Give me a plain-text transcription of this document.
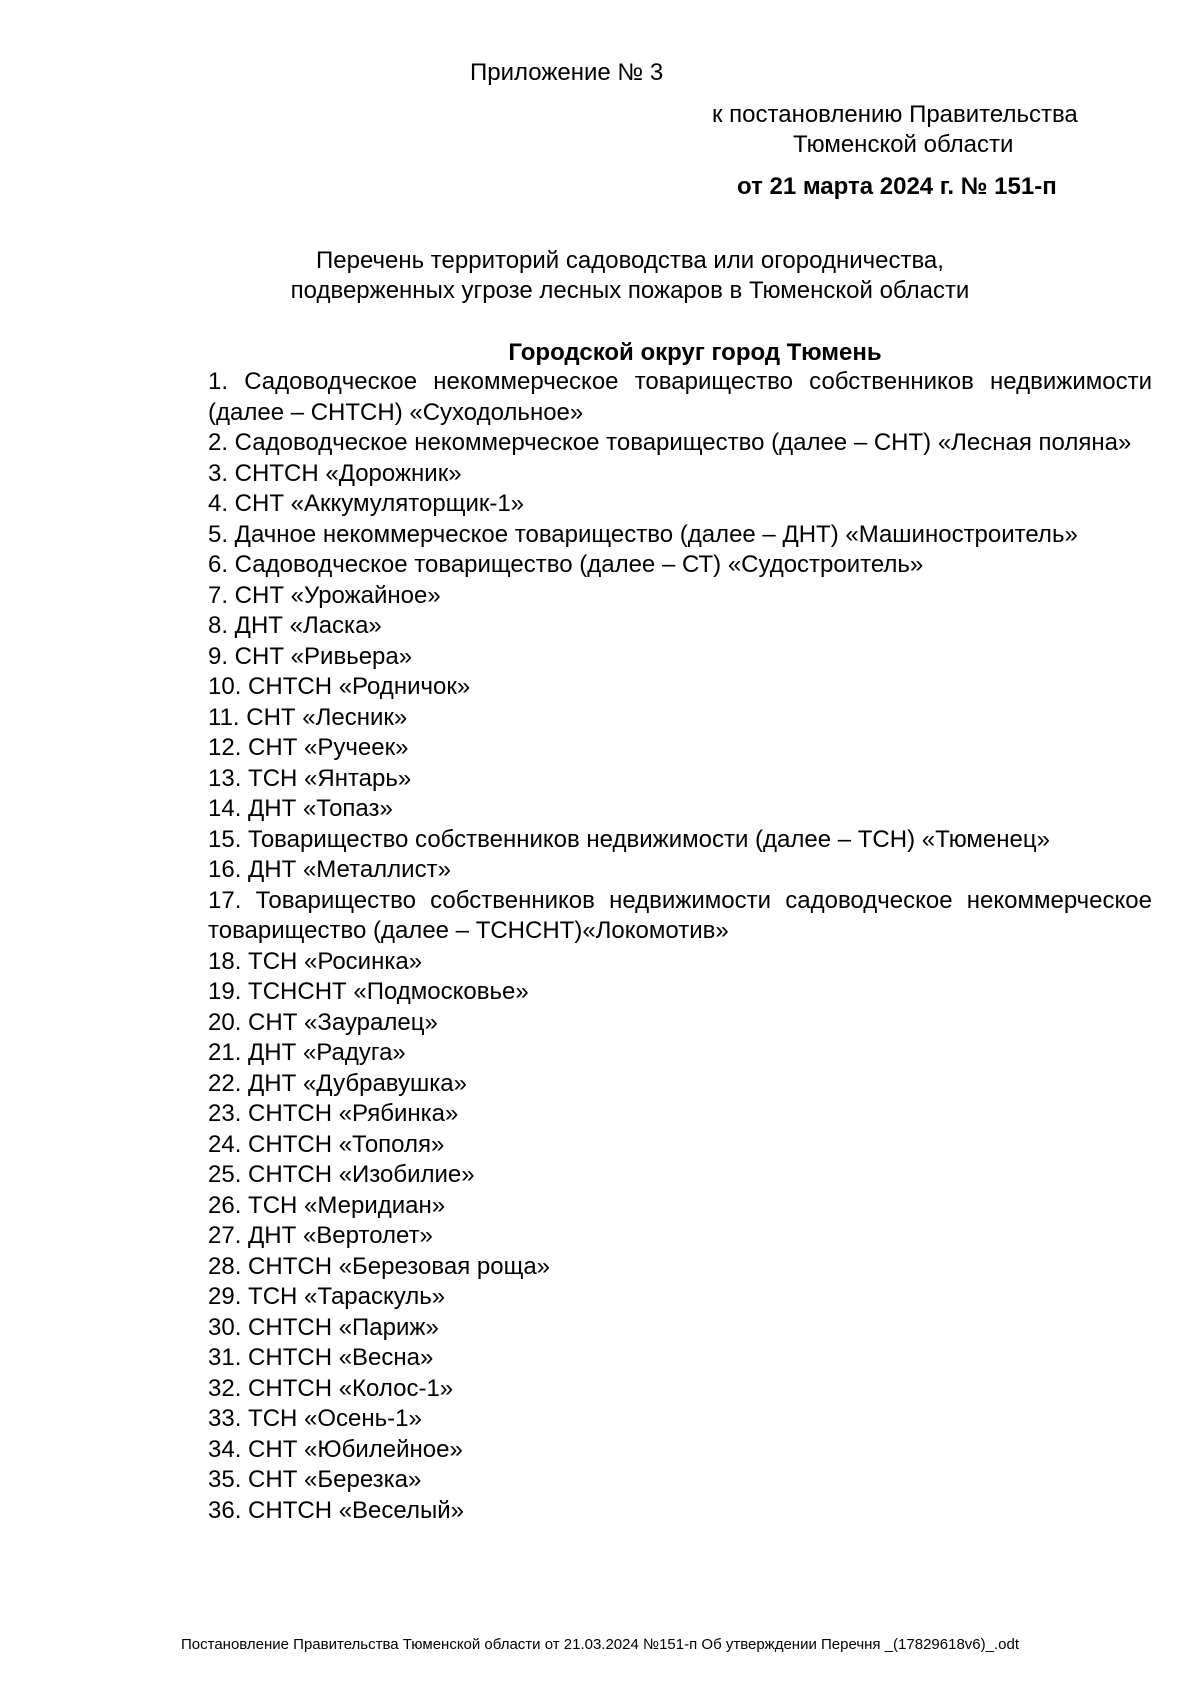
Приложение № 3
к постановлению Правительства
Тюменской области
от 21 марта 2024 г. № 151-п
Перечень территорий садоводства или огородничества,
подверженных угрозе лесных пожаров в Тюменской области
Городской округ город Тюмень

1. Садоводческое некоммерческое товарищество собственников недвижимости (далее – СНТСН) «Суходольное»

2. Садоводческое некоммерческое товарищество (далее – СНТ) «Лесная поляна»

3. СНТСН «Дорожник»

4. СНТ «Аккумуляторщик-1»

5. Дачное некоммерческое товарищество (далее – ДНТ) «Машиностроитель»

6. Садоводческое товарищество (далее – СТ) «Судостроитель»

7. СНТ «Урожайное»

8. ДНТ «Ласка»

9. СНТ «Ривьера»

10. СНТСН «Родничок»

11. СНТ «Лесник»

12. СНТ «Ручеек»

13. ТСН «Янтарь»

14. ДНТ «Топаз»

15. Товарищество собственников недвижимости (далее – ТСН) «Тюменец»

16. ДНТ «Металлист»

17. Товарищество собственников недвижимости садоводческое некоммерческое товарищество (далее – ТСНСНТ)«Локомотив»

18. ТСН «Росинка»

19. ТСНСНТ «Подмосковье»

20. СНТ «Зауралец»

21. ДНТ «Радуга»

22. ДНТ «Дубравушка»

23. СНТСН «Рябинка»

24. СНТСН «Тополя»

25. СНТСН «Изобилие»

26. ТСН «Меридиан»

27. ДНТ «Вертолет»

28. СНТСН «Березовая роща»

29. ТСН «Тараскуль»

30. СНТСН «Париж»

31. СНТСН «Весна»

32. СНТСН «Колос-1»

33. ТСН «Осень-1»

34. СНТ «Юбилейное»

35. СНТ «Березка»

36. СНТСН «Веселый»

Постановление Правительства Тюменской области от 21.03.2024 №151-п Об утверждении Перечня _(17829618v6)_.odt
